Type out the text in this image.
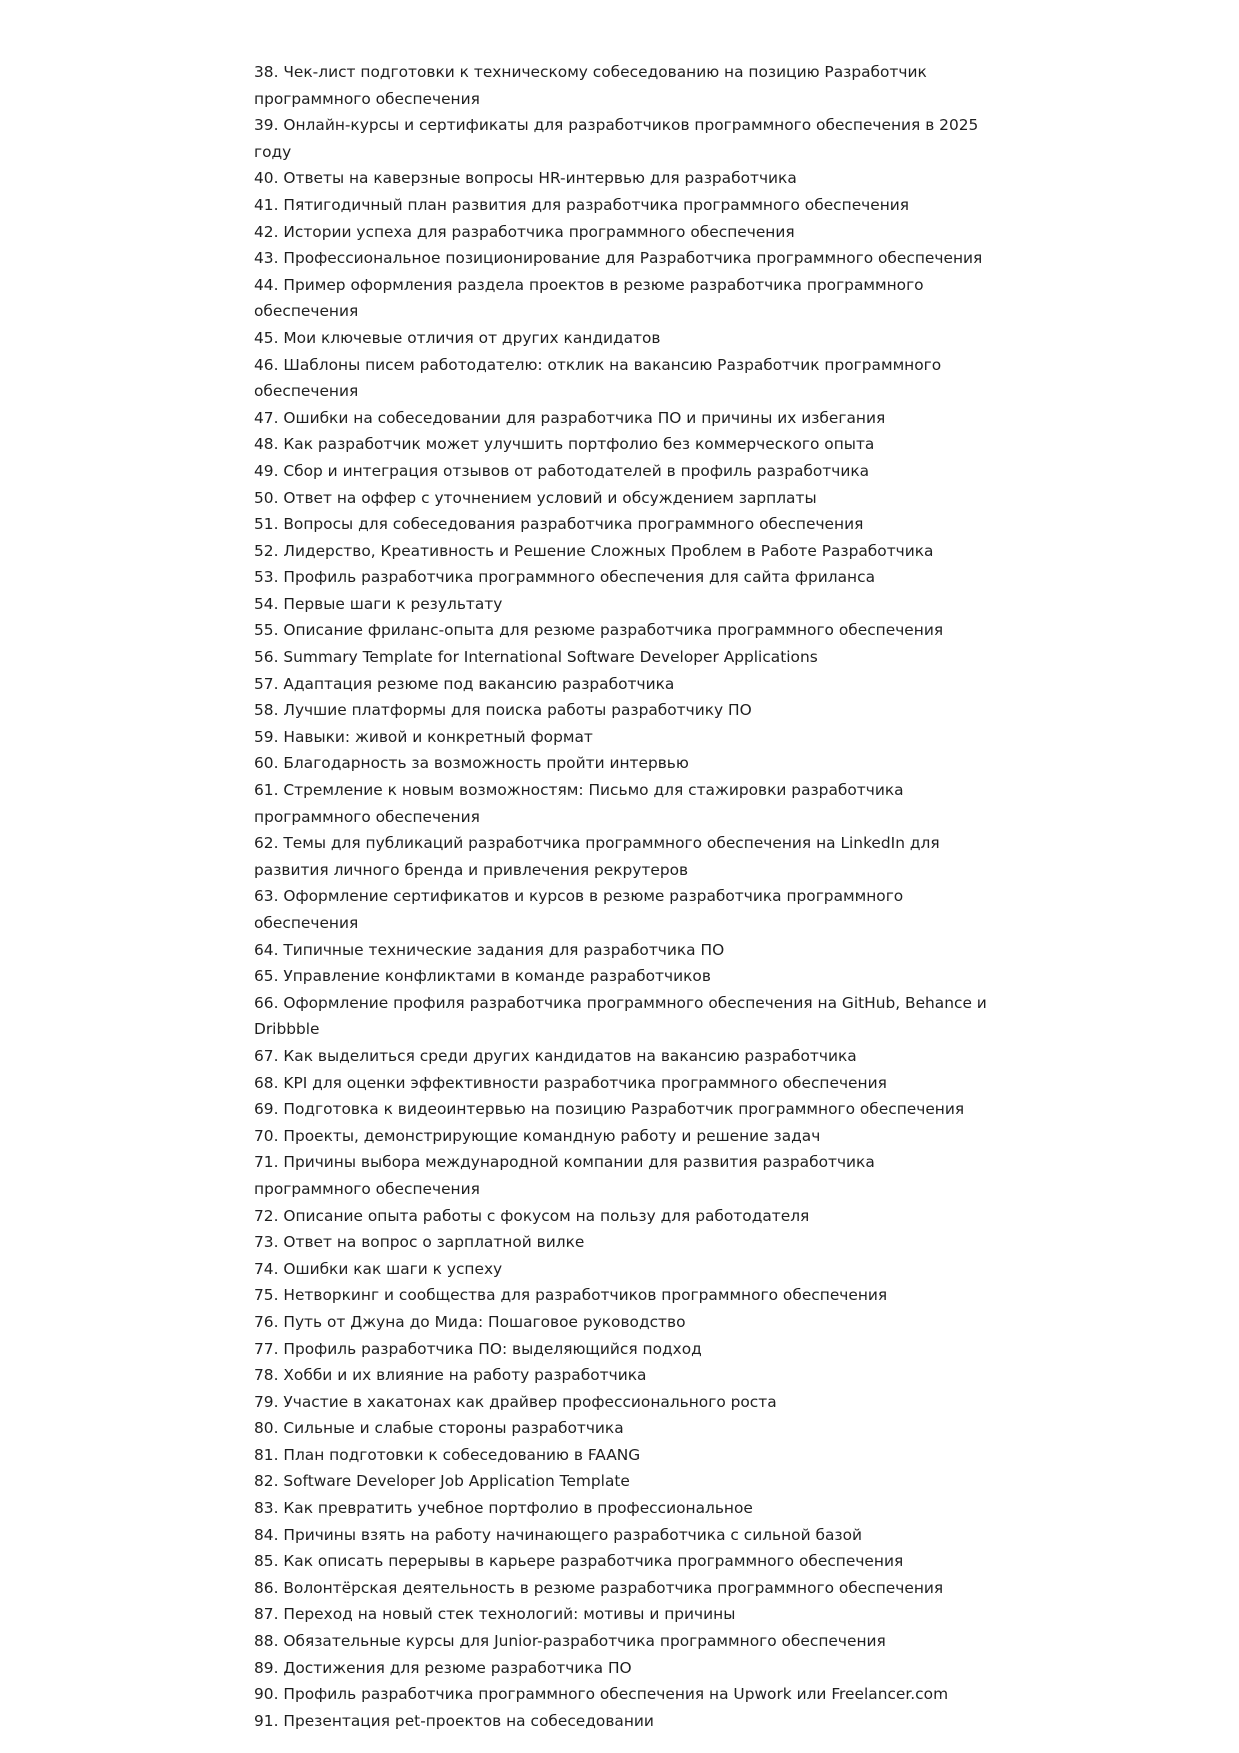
38. Чек-лист подготовки к техническому собеседованию на позицию Разработчик программного обеспечения
39. Онлайн-курсы и сертификаты для разработчиков программного обеспечения в 2025 году
40. Ответы на каверзные вопросы HR-интервью для разработчика
41. Пятигодичный план развития для разработчика программного обеспечения
42. Истории успеха для разработчика программного обеспечения
43. Профессиональное позиционирование для Разработчика программного обеспечения
44. Пример оформления раздела проектов в резюме разработчика программного обеспечения
45. Мои ключевые отличия от других кандидатов
46. Шаблоны писем работодателю: отклик на вакансию Разработчик программного обеспечения
47. Ошибки на собеседовании для разработчика ПО и причины их избегания
48. Как разработчик может улучшить портфолио без коммерческого опыта
49. Сбор и интеграция отзывов от работодателей в профиль разработчика
50. Ответ на оффер с уточнением условий и обсуждением зарплаты
51. Вопросы для собеседования разработчика программного обеспечения
52. Лидерство, Креативность и Решение Сложных Проблем в Работе Разработчика
53. Профиль разработчика программного обеспечения для сайта фриланса
54. Первые шаги к результату
55. Описание фриланс-опыта для резюме разработчика программного обеспечения
56. Summary Template for International Software Developer Applications
57. Адаптация резюме под вакансию разработчика
58. Лучшие платформы для поиска работы разработчику ПО
59. Навыки: живой и конкретный формат
60. Благодарность за возможность пройти интервью
61. Стремление к новым возможностям: Письмо для стажировки разработчика программного обеспечения
62. Темы для публикаций разработчика программного обеспечения на LinkedIn для развития личного бренда и привлечения рекрутеров
63. Оформление сертификатов и курсов в резюме разработчика программного обеспечения
64. Типичные технические задания для разработчика ПО
65. Управление конфликтами в команде разработчиков
66. Оформление профиля разработчика программного обеспечения на GitHub, Behance и Dribbble
67. Как выделиться среди других кандидатов на вакансию разработчика
68. KPI для оценки эффективности разработчика программного обеспечения
69. Подготовка к видеоинтервью на позицию Разработчик программного обеспечения
70. Проекты, демонстрирующие командную работу и решение задач
71. Причины выбора международной компании для развития разработчика программного обеспечения
72. Описание опыта работы с фокусом на пользу для работодателя
73. Ответ на вопрос о зарплатной вилке
74. Ошибки как шаги к успеху
75. Нетворкинг и сообщества для разработчиков программного обеспечения
76. Путь от Джуна до Мида: Пошаговое руководство
77. Профиль разработчика ПО: выделяющийся подход
78. Хобби и их влияние на работу разработчика
79. Участие в хакатонах как драйвер профессионального роста
80. Сильные и слабые стороны разработчика
81. План подготовки к собеседованию в FAANG
82. Software Developer Job Application Template
83. Как превратить учебное портфолио в профессиональное
84. Причины взять на работу начинающего разработчика с сильной базой
85. Как описать перерывы в карьере разработчика программного обеспечения
86. Волонтёрская деятельность в резюме разработчика программного обеспечения
87. Переход на новый стек технологий: мотивы и причины
88. Обязательные курсы для Junior-разработчика программного обеспечения
89. Достижения для резюме разработчика ПО
90. Профиль разработчика программного обеспечения на Upwork или Freelancer.com
91. Презентация pet-проектов на собеседовании
